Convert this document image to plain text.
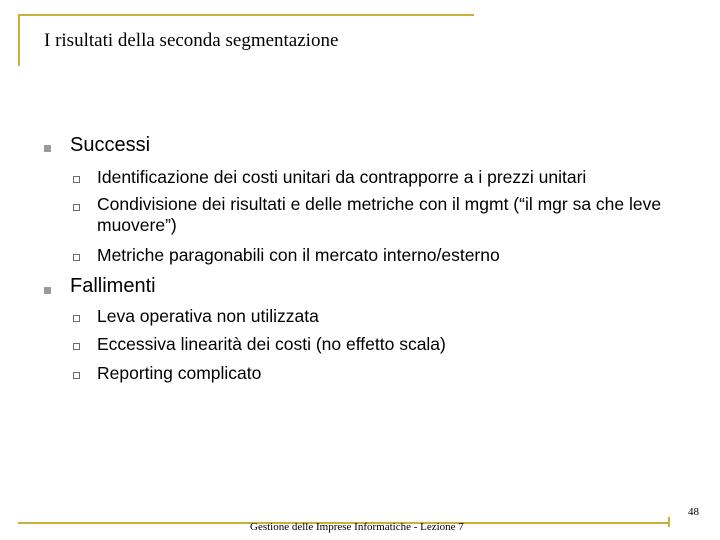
I risultati della seconda segmentazione
Successi
Identificazione dei costi unitari da contrapporre a i prezzi unitari
Condivisione dei risultati e delle metriche con il mgmt (“il mgr sa che leve muovere”)
Metriche paragonabili con il mercato interno/esterno
Fallimenti
Leva operativa non utilizzata
Eccessiva linearità dei costi (no effetto scala)
Reporting complicato
Gestione delle Imprese Informatiche - Lezione 7
48
